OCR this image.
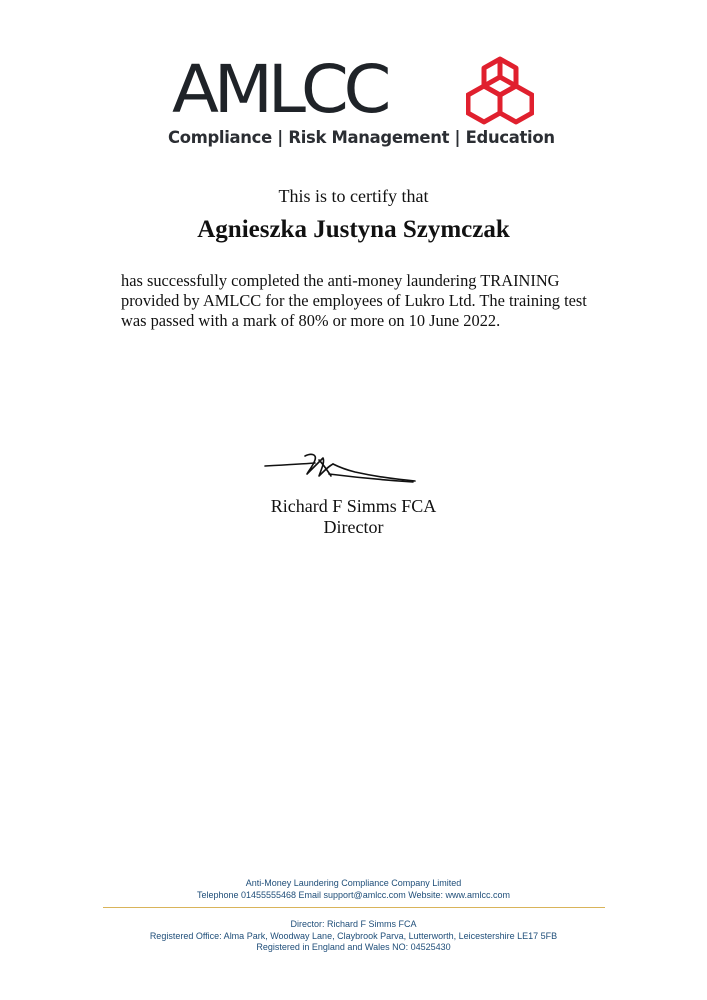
AMLCC
Compliance | Risk Management | Education
This is to certify that
Agnieszka Justyna Szymczak
has successfully completed the anti-money laundering TRAINING
provided by AMLCC for the employees of Lukro Ltd. The training test
was passed with a mark of 80% or more on 10 June 2022.
Richard F Simms FCA
Director
Anti-Money Laundering Compliance Company Limited
Telephone 01455555468 Email support@amlcc.com Website: www.amlcc.com
Director: Richard F Simms FCA
Registered Office: Alma Park, Woodway Lane, Claybrook Parva, Lutterworth, Leicestershire LE17 5FB
Registered in England and Wales NO: 04525430
